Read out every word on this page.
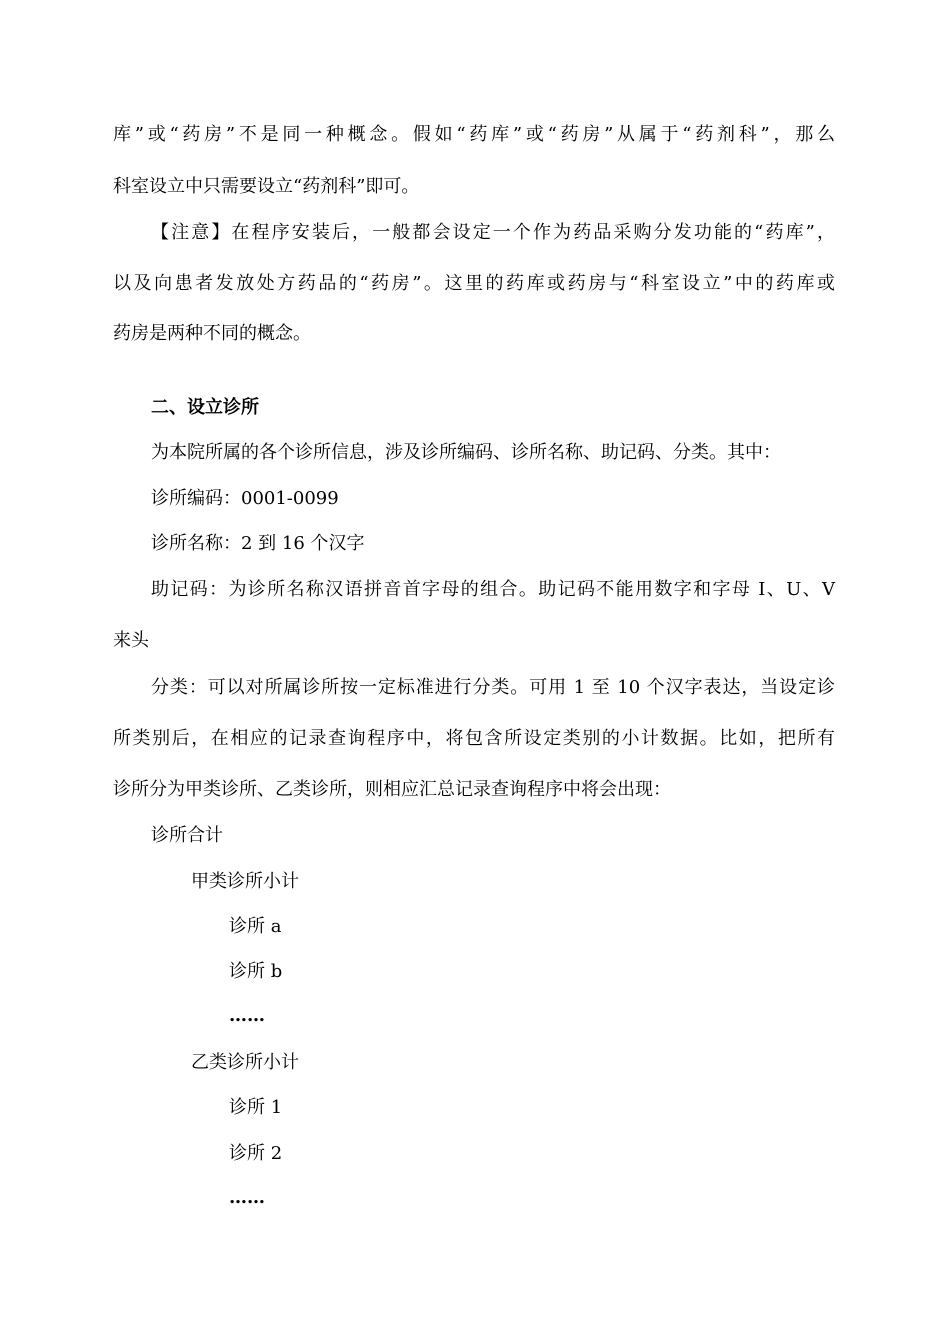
库”或“药房”不是同一种概念。假如“药库”或“药房”从属于“药剂科”，那么
科室设立中只需要设立“药剂科”即可。
【注意】在程序安装后，一般都会设定一个作为药品采购分发功能的“药库”，
以及向患者发放处方药品的“药房”。这里的药库或药房与“科室设立”中的药库或
药房是两种不同的概念。
二、设立诊所
为本院所属的各个诊所信息，涉及诊所编码、诊所名称、助记码、分类。其中：
诊所编码：0001-0099
诊所名称：2 到 16 个汉字
助记码：为诊所名称汉语拼音首字母的组合。助记码不能用数字和字母 I、U、V
来头
分类：可以对所属诊所按一定标准进行分类。可用 1 至 10 个汉字表达，当设定诊
所类别后，在相应的记录查询程序中，将包含所设定类别的小计数据。比如，把所有
诊所分为甲类诊所、乙类诊所，则相应汇总记录查询程序中将会出现：
诊所合计
甲类诊所小计
诊所 a
诊所 b
……
乙类诊所小计
诊所 1
诊所 2
……
